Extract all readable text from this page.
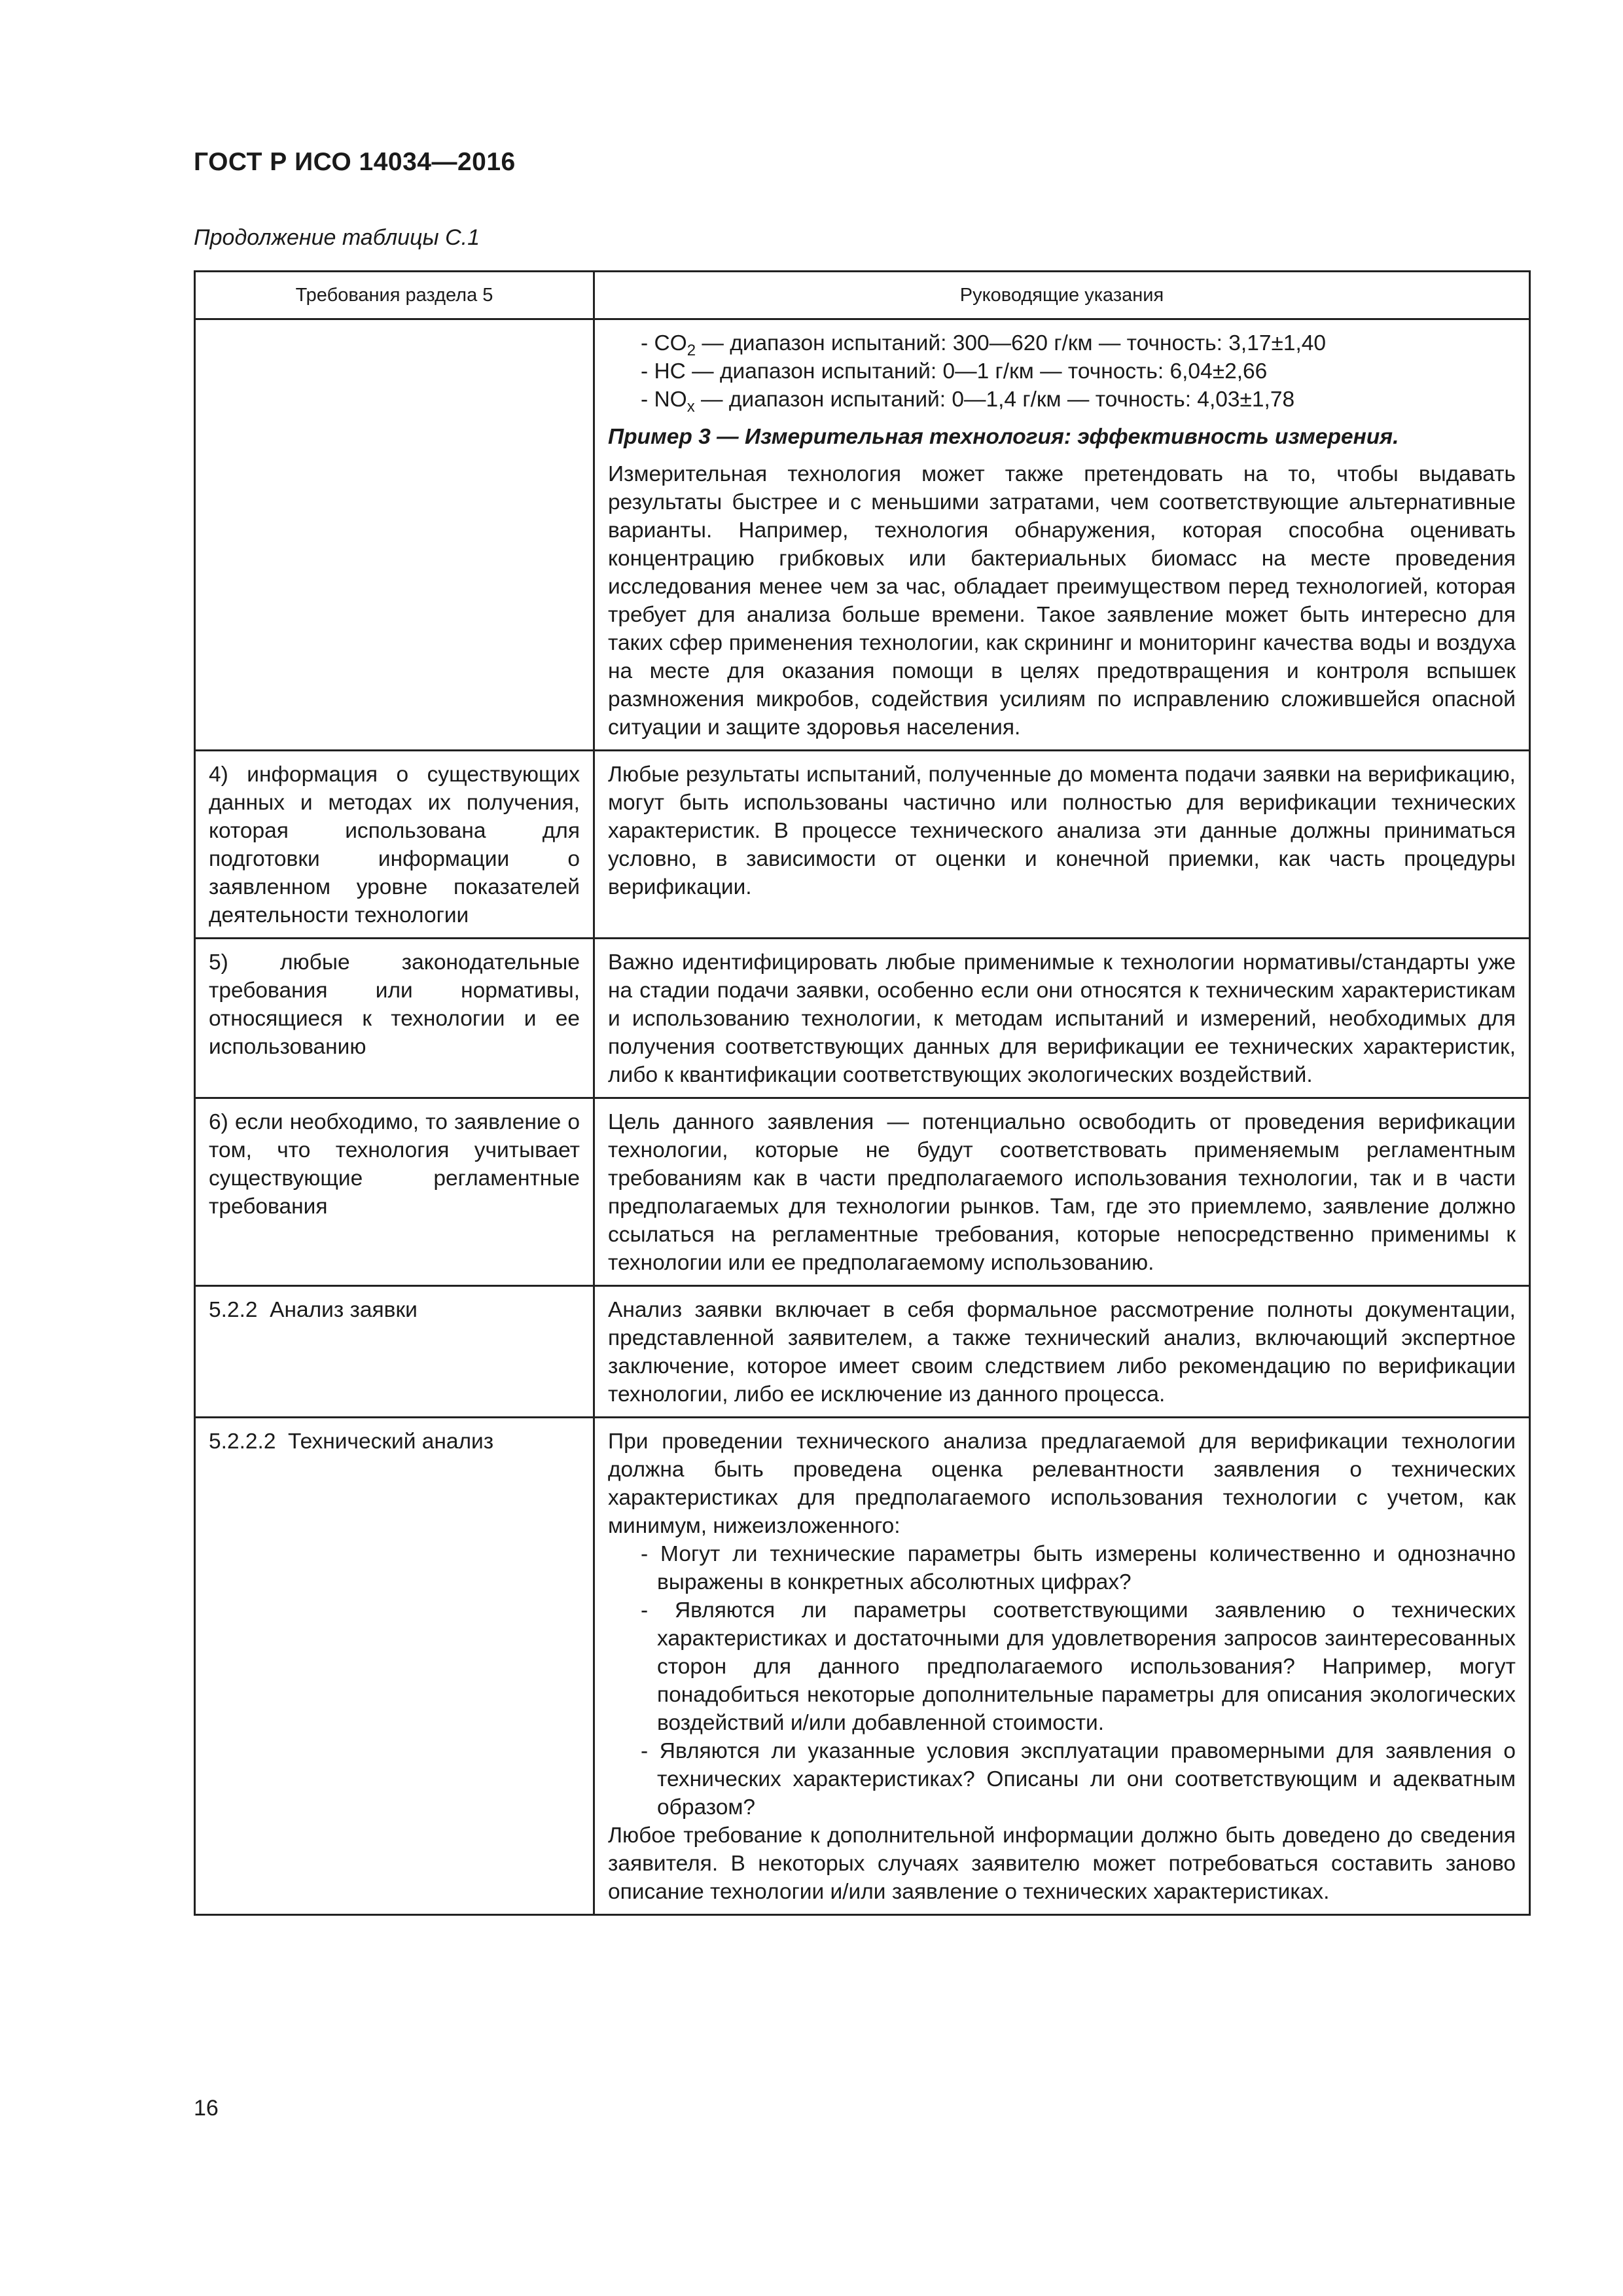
ГОСТ Р ИСО 14034—2016

Продолжение таблицы С.1

Требования раздела 5	Руководящие указания

	- $CO_2$ — диапазон испытаний: 300—620 г/км — точность: 3,17±1,40
- HC — диапазон испытаний: 0—1 г/км — точность: 6,04±2,66
- $NO_x$ — диапазон испытаний: 0—1,4 г/км — точность: 4,03±1,78
Пример 3 — Измерительная технология: эффективность измерения.

Измерительная технология может также претендовать на то, чтобы выдавать результаты быстрее и с меньшими затратами, чем соответствующие альтернативные варианты. Например, технология обнаружения, которая способна оценивать концентрацию грибковых или бактериальных биомасс на месте проведения исследования менее чем за час, обладает преимуществом перед технологией, которая требует для анализа больше времени. Такое заявление может быть интересно для таких сфер применения технологии, как скрининг и мониторинг качества воды и воздуха на месте для оказания помощи в целях предотвращения и контроля вспышек размножения микробов, содействия усилиям по исправлению сложившейся опасной ситуации и защите здоровья населения.

4) информация о существующих данных и методах их получения, которая использована для подготовки информации о заявленном уровне показателей деятельности технологии	Любые результаты испытаний, полученные до момента подачи заявки на верификацию, могут быть использованы частично или полностью для верификации технических характеристик. В процессе технического анализа эти данные должны приниматься условно, в зависимости от оценки и конечной приемки, как часть процедуры верификации.
5) любые законодательные требования или нормативы, относящиеся к технологии и ее использованию	Важно идентифицировать любые применимые к технологии нормативы/стандарты уже на стадии подачи заявки, особенно если они относятся к техническим характеристикам и использованию технологии, к методам испытаний и измерений, необходимых для получения соответствующих данных для верификации ее технических характеристик, либо к квантификации соответствующих экологических воздействий.
6) если необходимо, то заявление о том, что технология учитывает существующие регламентные требования	Цель данного заявления — потенциально освободить от проведения верификации технологии, которые не будут соответствовать применяемым регламентным требованиям как в части предполагаемого использования технологии, так и в части предполагаемых для технологии рынков. Там, где это приемлемо, заявление должно ссылаться на регламентные требования, которые непосредственно применимы к технологии или ее предполагаемому использованию.
5.2.2  Анализ заявки	Анализ заявки включает в себя формальное рассмотрение полноты документации, представленной заявителем, а также технический анализ, включающий экспертное заключение, которое имеет своим следствием либо рекомендацию по верификации технологии, либо ее исключение из данного процесса.
5.2.2.2  Технический анализ	При проведении технического анализа предлагаемой для верификации технологии должна быть проведена оценка релевантности заявления о технических характеристиках для предполагаемого использования технологии с учетом, как минимум, нижеизложенного:

- Могут ли технические параметры быть измерены количественно и однозначно выражены в конкретных абсолютных цифрах?
- Являются ли параметры соответствующими заявлению о технических характеристиках и достаточными для удовлетворения запросов заинтересованных сторон для данного предполагаемого использования? Например, могут понадобиться некоторые дополнительные параметры для описания экологических воздействий и/или добавленной стоимости.
- Являются ли указанные условия эксплуатации правомерными для заявления о технических характеристиках? Описаны ли они соответствующим и адекватным образом?

Любое требование к дополнительной информации должно быть доведено до сведения заявителя. В некоторых случаях заявителю может потребоваться составить заново описание технологии и/или заявление о технических характеристиках.

16
